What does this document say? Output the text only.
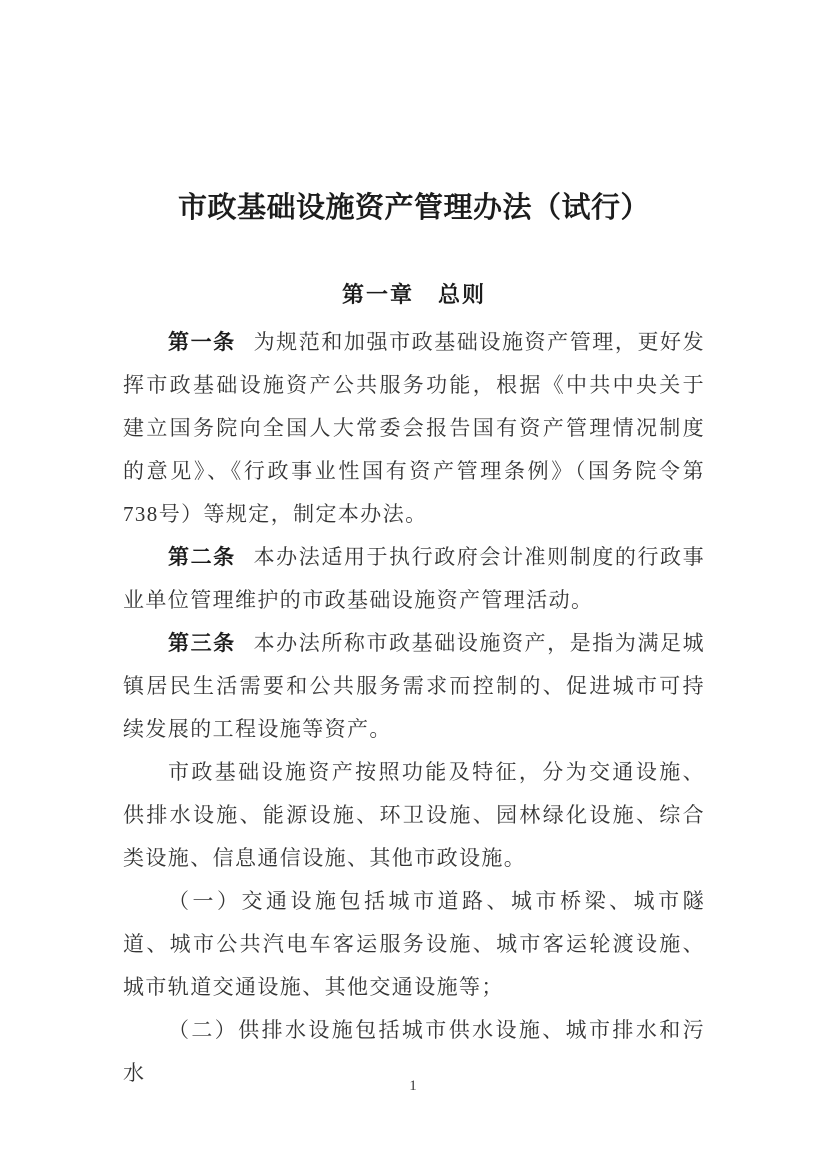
市政基础设施资产管理办法（试行）
第一章　总则

第一条 为规范和加强市政基础设施资产管理，更好发挥市政基础设施资产公共服务功能，根据《中共中央关于建立国务院向全国人大常委会报告国有资产管理情况制度的意见》、《行政事业性国有资产管理条例》（国务院令第738号）等规定，制定本办法。

第二条 本办法适用于执行政府会计准则制度的行政事业单位管理维护的市政基础设施资产管理活动。

第三条 本办法所称市政基础设施资产，是指为满足城镇居民生活需要和公共服务需求而控制的、促进城市可持续发展的工程设施等资产。

市政基础设施资产按照功能及特征，分为交通设施、供排水设施、能源设施、环卫设施、园林绿化设施、综合类设施、信息通信设施、其他市政设施。

（一）交通设施包括城市道路、城市桥梁、城市隧道、城市公共汽电车客运服务设施、城市客运轮渡设施、城市轨道交通设施、其他交通设施等；

（二）供排水设施包括城市供水设施、城市排水和污水

1
